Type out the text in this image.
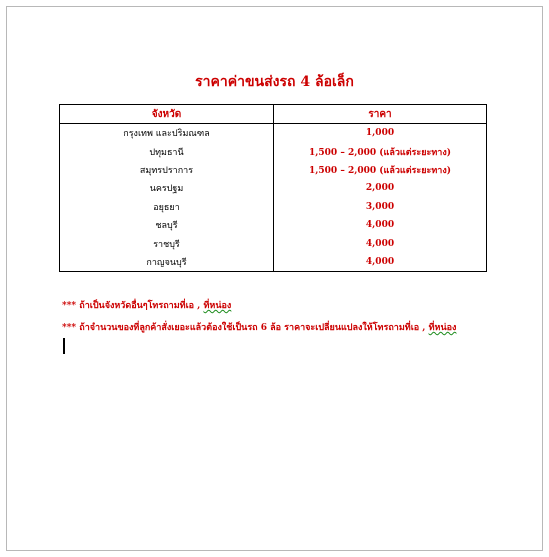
ราคาค่าขนส่งรถ 4 ล้อเล็ก
จังหวัด	ราคา
กรุงเทพ และปริมณฑล	1,000
ปทุมธานี	1,500 – 2,000 (แล้วแต่ระยะทาง)
สมุทรปราการ	1,500 – 2,000 (แล้วแต่ระยะทาง)
นครปฐม	2,000
อยุธยา	3,000
ชลบุรี	4,000
ราชบุรี	4,000
กาญจนบุรี	4,000
*** ถ้าเป็นจังหวัดอื่นๆโทรถามที่เอ , ที่หน่อง
*** ถ้าจำนวนของที่ลูกค้าสั่งเยอะแล้วต้องใช้เป็นรถ 6 ล้อ ราคาจะเปลี่ยนแปลงให้โทรถามที่เอ , ที่หน่อง
